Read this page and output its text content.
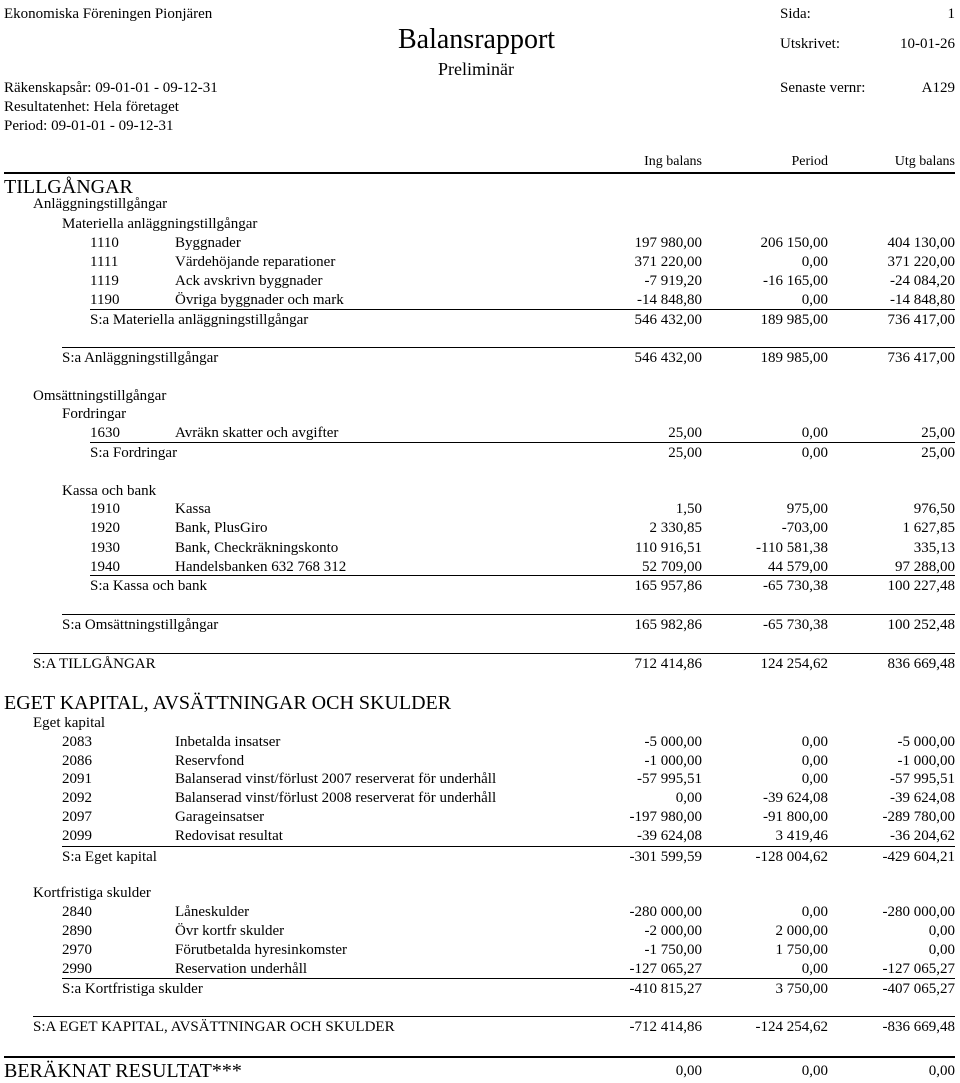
Ekonomiska Föreningen Pionjären
Balansrapport
Preliminär
Sida:	1
Utskrivet:	10-01-26
Senaste vernr:	A129
Räkenskapsår: 09-01-01 - 09-12-31
Resultatenhet: Hela företaget
Period: 09-01-01 - 09-12-31
Ing balans	Period	Utg balans
TILLGÅNGAR
Anläggningstillgångar
Materiella anläggningstillgångar
1110	Byggnader	197 980,00	206 150,00	404 130,00
1111	Värdehöjande reparationer	371 220,00	0,00	371 220,00
1119	Ack avskrivn byggnader	-7 919,20	-16 165,00	-24 084,20
1190	Övriga byggnader och mark	-14 848,80	0,00	-14 848,80
S:a Materiella anläggningstillgångar	546 432,00	189 985,00	736 417,00
S:a Anläggningstillgångar	546 432,00	189 985,00	736 417,00
Omsättningstillgångar
Fordringar
1630	Avräkn skatter och avgifter	25,00	0,00	25,00
S:a Fordringar	25,00	0,00	25,00
Kassa och bank
1910	Kassa	1,50	975,00	976,50
1920	Bank, PlusGiro	2 330,85	-703,00	1 627,85
1930	Bank, Checkräkningskonto	110 916,51	-110 581,38	335,13
1940	Handelsbanken 632 768 312	52 709,00	44 579,00	97 288,00
S:a Kassa och bank	165 957,86	-65 730,38	100 227,48
S:a Omsättningstillgångar	165 982,86	-65 730,38	100 252,48
S:A TILLGÅNGAR	712 414,86	124 254,62	836 669,48
EGET KAPITAL, AVSÄTTNINGAR OCH SKULDER
Eget kapital
2083	Inbetalda insatser	-5 000,00	0,00	-5 000,00
2086	Reservfond	-1 000,00	0,00	-1 000,00
2091	Balanserad vinst/förlust 2007 reserverat för underhåll	-57 995,51	0,00	-57 995,51
2092	Balanserad vinst/förlust 2008 reserverat för underhåll	0,00	-39 624,08	-39 624,08
2097	Garageinsatser	-197 980,00	-91 800,00	-289 780,00
2099	Redovisat resultat	-39 624,08	3 419,46	-36 204,62
S:a Eget kapital	-301 599,59	-128 004,62	-429 604,21
Kortfristiga skulder
2840	Låneskulder	-280 000,00	0,00	-280 000,00
2890	Övr kortfr skulder	-2 000,00	2 000,00	0,00
2970	Förutbetalda hyresinkomster	-1 750,00	1 750,00	0,00
2990	Reservation underhåll	-127 065,27	0,00	-127 065,27
S:a Kortfristiga skulder	-410 815,27	3 750,00	-407 065,27
S:A EGET KAPITAL, AVSÄTTNINGAR OCH SKULDER	-712 414,86	-124 254,62	-836 669,48
BERÄKNAT RESULTAT***	0,00	0,00	0,00
